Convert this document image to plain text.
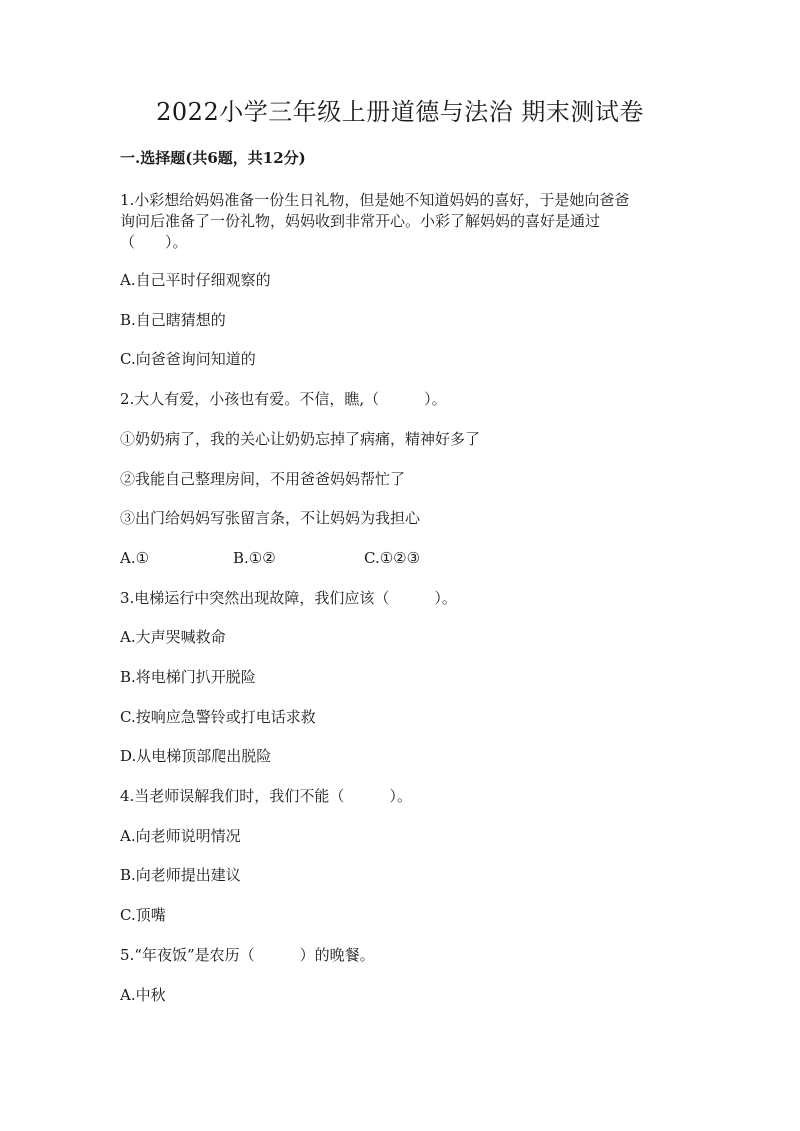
2022小学三年级上册道德与法治 期末测试卷
一.选择题(共6题，共12分)
1.小彩想给妈妈准备一份生日礼物，但是她不知道妈妈的喜好，于是她向爸爸
询问后准备了一份礼物，妈妈收到非常开心。小彩了解妈妈的喜好是通过
（　　）。
A.自己平时仔细观察的
B.自己瞎猜想的
C.向爸爸询问知道的
2.大人有爱，小孩也有爱。不信，瞧,（　　　）。
①奶奶病了，我的关心让奶奶忘掉了病痛，精神好多了
②我能自己整理房间，不用爸爸妈妈帮忙了
③出门给妈妈写张留言条，不让妈妈为我担心
A.①	B.①②	C.①②③
3.电梯运行中突然出现故障，我们应该（　　　）。
A.大声哭喊救命
B.将电梯门扒开脱险
C.按响应急警铃或打电话求救
D.从电梯顶部爬出脱险
4.当老师误解我们时，我们不能（　　　）。
A.向老师说明情况
B.向老师提出建议
C.顶嘴
5.“年夜饭”是农历（　　　）的晚餐。
A.中秋
